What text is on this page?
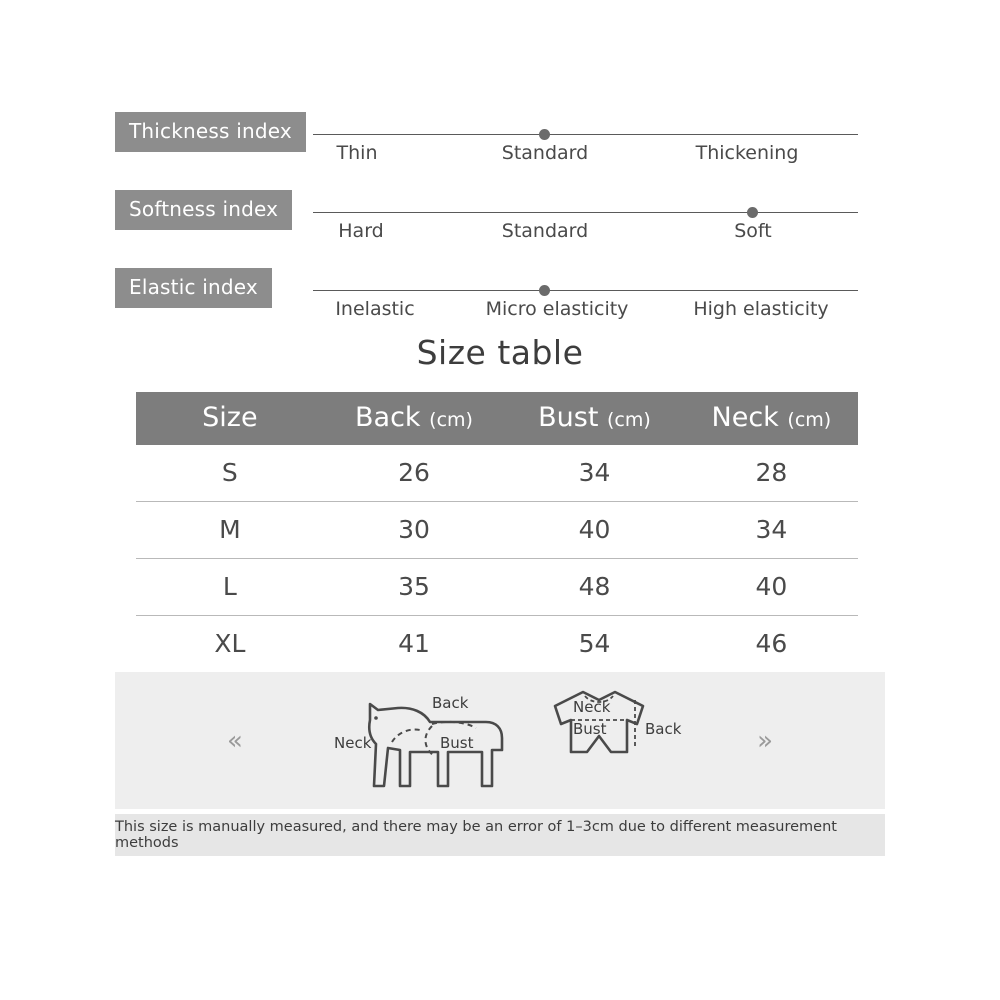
Thickness index
Thin	Standard	Thickening
Softness index
Hard	Standard	Soft
Elastic index
Inelastic	Micro elasticity	High elasticity
Size table
Size	Back (cm)	Bust (cm)	Neck (cm)
S	26	34	28
M	30	40	34
L	35	48	40
XL	41	54	46
«	»
Back
Neck	Bust
Neck
Bust	Back
This size is manually measured, and there may be an error of 1–3cm due to different measurement methods
